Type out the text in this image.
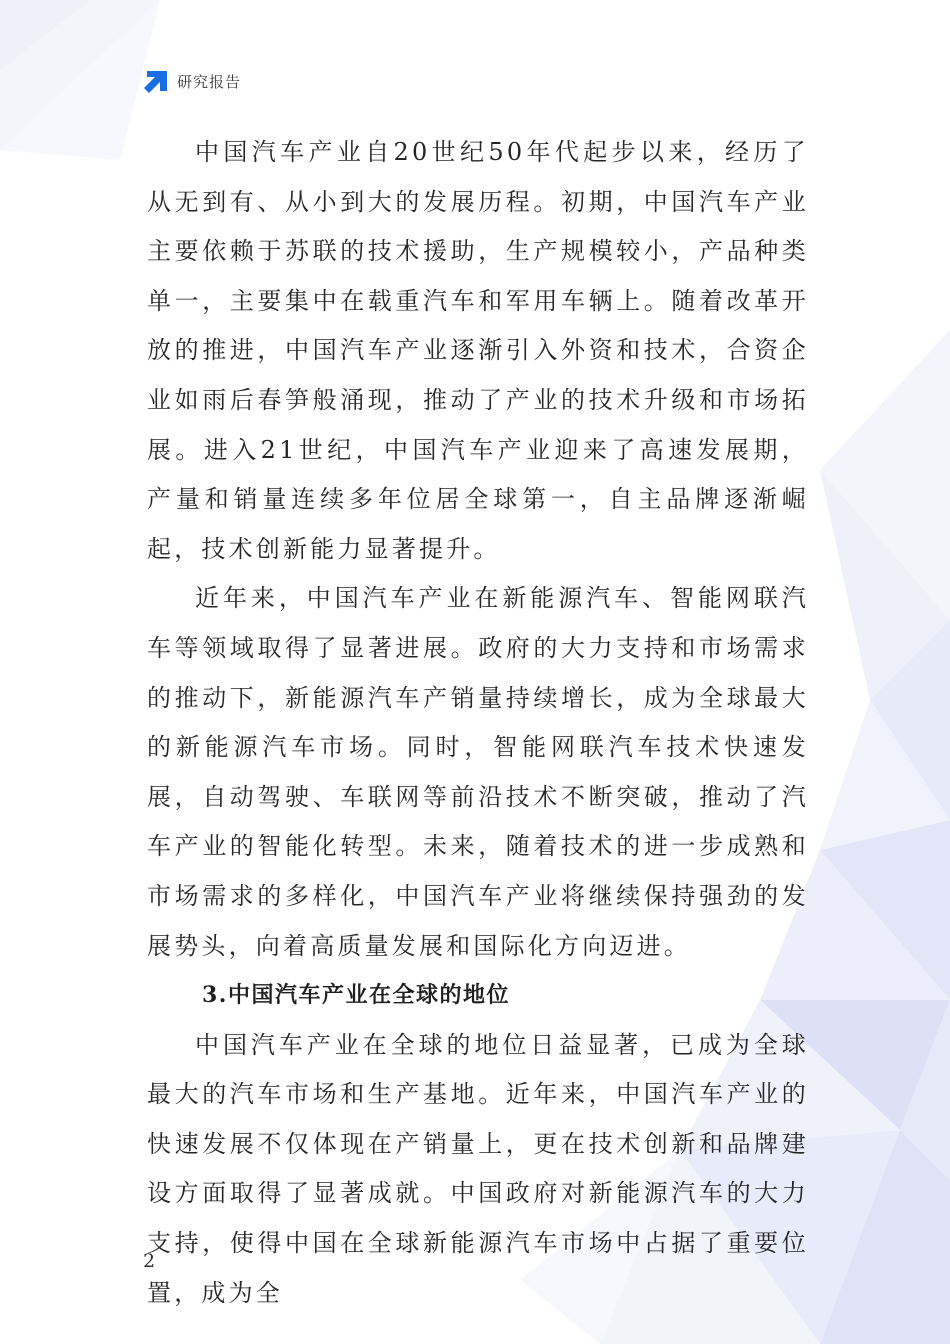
研究报告

中国汽车产业自20世纪50年代起步以来，经历了从无到有、从小到大的发展历程。初期，中国汽车产业主要依赖于苏联的技术援助，生产规模较小，产品种类单一，主要集中在载重汽车和军用车辆上。随着改革开放的推进，中国汽车产业逐渐引入外资和技术，合资企业如雨后春笋般涌现，推动了产业的技术升级和市场拓展。进入21世纪，中国汽车产业迎来了高速发展期，产量和销量连续多年位居全球第一，自主品牌逐渐崛起，技术创新能力显著提升。

近年来，中国汽车产业在新能源汽车、智能网联汽车等领域取得了显著进展。政府的大力支持和市场需求的推动下，新能源汽车产销量持续增长，成为全球最大的新能源汽车市场。同时，智能网联汽车技术快速发展，自动驾驶、车联网等前沿技术不断突破，推动了汽车产业的智能化转型。未来，随着技术的进一步成熟和市场需求的多样化，中国汽车产业将继续保持强劲的发展势头，向着高质量发展和国际化方向迈进。

3.中国汽车产业在全球的地位

中国汽车产业在全球的地位日益显著，已成为全球最大的汽车市场和生产基地。近年来，中国汽车产业的快速发展不仅体现在产销量上，更在技术创新和品牌建设方面取得了显著成就。中国政府对新能源汽车的大力支持，使得中国在全球新能源汽车市场中占据了重要位置，成为全

2
